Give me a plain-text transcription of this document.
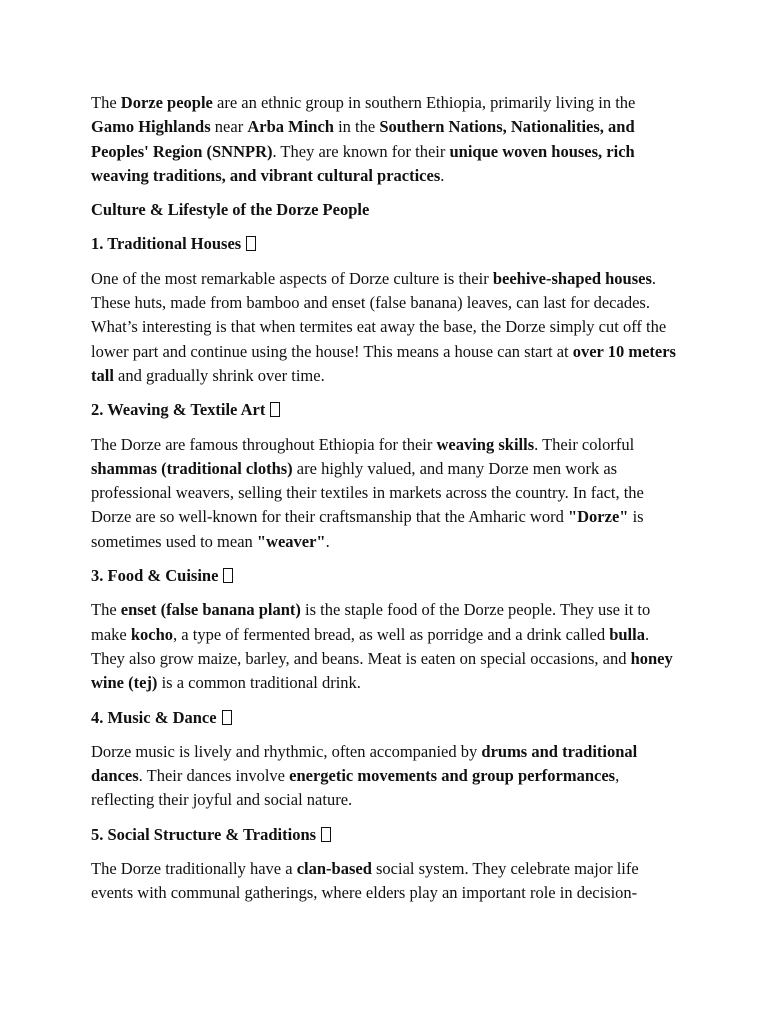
The Dorze people are an ethnic group in southern Ethiopia, primarily living in the Gamo Highlands near Arba Minch in the Southern Nations, Nationalities, and Peoples' Region (SNNPR). They are known for their unique woven houses, rich weaving traditions, and vibrant cultural practices.

Culture & Lifestyle of the Dorze People

1. Traditional Houses

One of the most remarkable aspects of Dorze culture is their beehive-shaped houses. These huts, made from bamboo and enset (false banana) leaves, can last for decades. What’s interesting is that when termites eat away the base, the Dorze simply cut off the lower part and continue using the house! This means a house can start at over 10 meters tall and gradually shrink over time.

2. Weaving & Textile Art

The Dorze are famous throughout Ethiopia for their weaving skills. Their colorful shammas (traditional cloths) are highly valued, and many Dorze men work as professional weavers, selling their textiles in markets across the country. In fact, the Dorze are so well-known for their craftsmanship that the Amharic word "Dorze" is sometimes used to mean "weaver".

3. Food & Cuisine

The enset (false banana plant) is the staple food of the Dorze people. They use it to make kocho, a type of fermented bread, as well as porridge and a drink called bulla. They also grow maize, barley, and beans. Meat is eaten on special occasions, and honey wine (tej) is a common traditional drink.

4. Music & Dance

Dorze music is lively and rhythmic, often accompanied by drums and traditional dances. Their dances involve energetic movements and group performances, reflecting their joyful and social nature.

5. Social Structure & Traditions

The Dorze traditionally have a clan-based social system. They celebrate major life events with communal gatherings, where elders play an important role in decision-
